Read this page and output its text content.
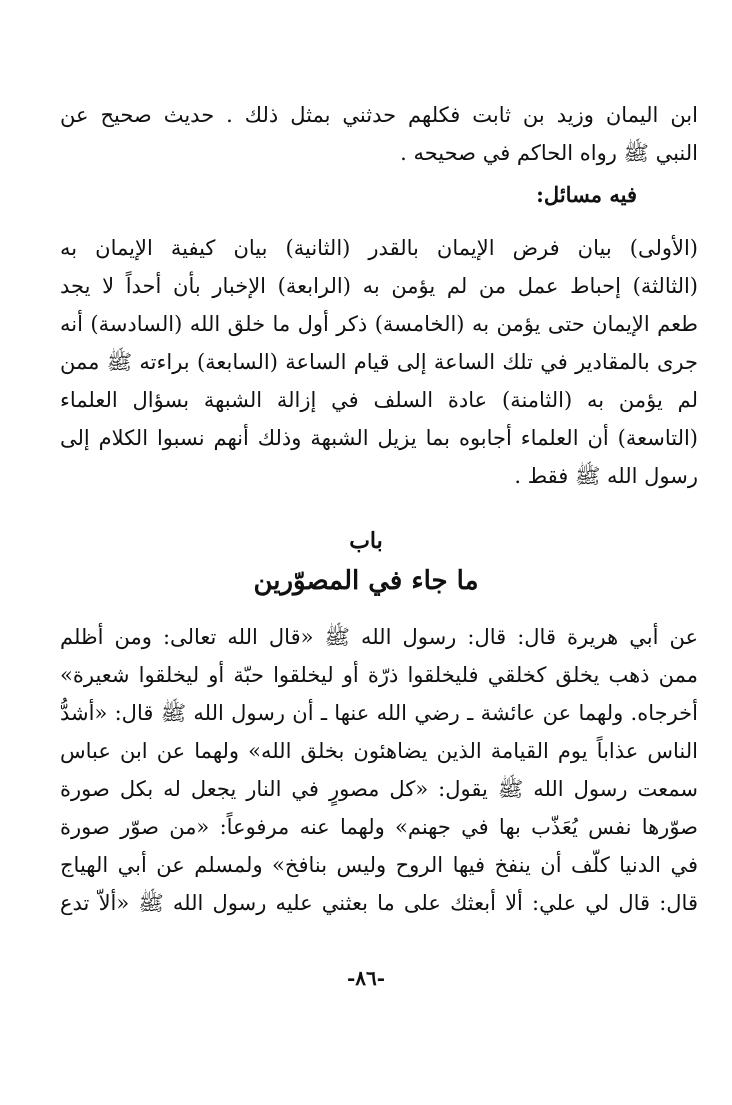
ابن اليمان وزيد بن ثابت فكلهم حدثني بمثل ذلك . حديث صحيح عن
النبي ﷺ رواه الحاكم في صحيحه .
فيه مسائل:
(الأولى) بيان فرض الإيمان بالقدر (الثانية) بيان كيفية الإيمان به
(الثالثة) إحباط عمل من لم يؤمن به (الرابعة) الإخبار بأن أحداً لا يجد
طعم الإيمان حتى يؤمن به (الخامسة) ذكر أول ما خلق الله (السادسة) أنه
جرى بالمقادير في تلك الساعة إلى قيام الساعة (السابعة) براءته ﷺ ممن
لم يؤمن به (الثامنة) عادة السلف في إزالة الشبهة بسؤال العلماء
(التاسعة) أن العلماء أجابوه بما يزيل الشبهة وذلك أنهم نسبوا الكلام إلى
رسول الله ﷺ فقط .
باب
ما جاء في المصوّرين
عن أبي هريرة قال: قال: رسول الله ﷺ «قال الله تعالى: ومن أظلم
ممن ذهب يخلق كخلقي فليخلقوا ذرّة أو ليخلقوا حبّة أو ليخلقوا شعيرة»
أخرجاه. ولهما عن عائشة ـ رضي الله عنها ـ أن رسول الله ﷺ قال: «أشدُّ
الناس عذاباً يوم القيامة الذين يضاهئون بخلق الله» ولهما عن ابن عباس
سمعت رسول الله ﷺ يقول: «كل مصورٍ في النار يجعل له بكل صورة
صوّرها نفس يُعَذّب بها في جهنم» ولهما عنه مرفوعاً: «من صوّر صورة
في الدنيا كلّف أن ينفخ فيها الروح وليس بنافخ» ولمسلم عن أبي الهياج
قال: قال لي علي: ألا أبعثك على ما بعثني عليه رسول الله ﷺ «ألاّ تدع
-٨٦-
